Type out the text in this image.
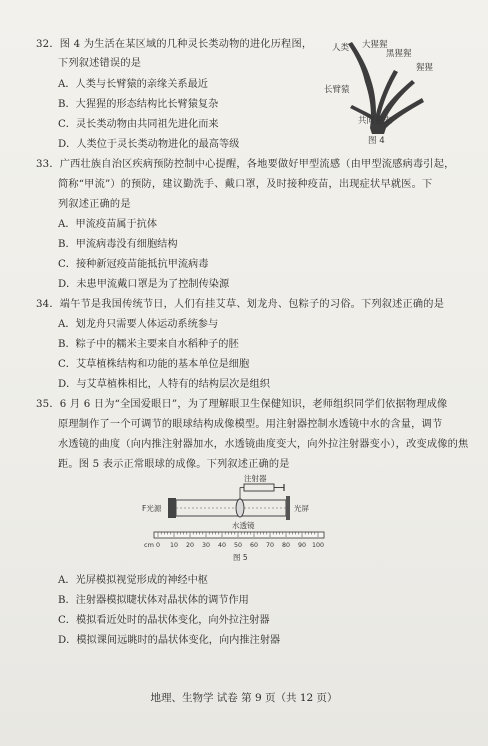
32．图 4 为生活在某区域的几种灵长类动物的进化历程图，
下列叙述错误的是
A．人类与长臂猿的亲缘关系最近
B．大猩猩的形态结构比长臂猿复杂
C．灵长类动物由共同祖先进化而来
D．人类位于灵长类动物进化的最高等级
人类 大猩猩
黑猩猩
猩猩
长臂猿
共同祖先
图 4
33．广西壮族自治区疾病预防控制中心提醒，各地要做好甲型流感（由甲型流感病毒引起，
简称“甲流”）的预防，建议勤洗手、戴口罩，及时接种疫苗，出现症状早就医。下
列叙述正确的是
A．甲流疫苗属于抗体
B．甲流病毒没有细胞结构
C．接种新冠疫苗能抵抗甲流病毒
D．未患甲流戴口罩是为了控制传染源
34．端午节是我国传统节日，人们有挂艾草、划龙舟、包粽子的习俗。下列叙述正确的是
A．划龙舟只需要人体运动系统参与
B．粽子中的糯米主要来自水稻种子的胚
C．艾草植株结构和功能的基本单位是细胞
D．与艾草植株相比，人特有的结构层次是组织
35．6 月 6 日为“全国爱眼日”，为了理解眼卫生保健知识，老师组织同学们依据物理成像
原理制作了一个可调节的眼球结构成像模型。用注射器控制水透镜中水的含量，调节
水透镜的曲度（向内推注射器加水，水透镜曲度变大，向外拉注射器变小），改变成像的焦
距。图 5 表示正常眼球的成像。下列叙述正确的是
注射器
F光源
水透镜
光屏
cm 0 10 20 30 40 50 60 70 80 90 100
图 5
A．光屏模拟视觉形成的神经中枢
B．注射器模拟睫状体对晶状体的调节作用
C．模拟看近处时的晶状体变化，向外拉注射器
D．模拟课间远眺时的晶状体变化，向内推注射器
地理、生物学 试卷 第 9 页（共 12 页）
